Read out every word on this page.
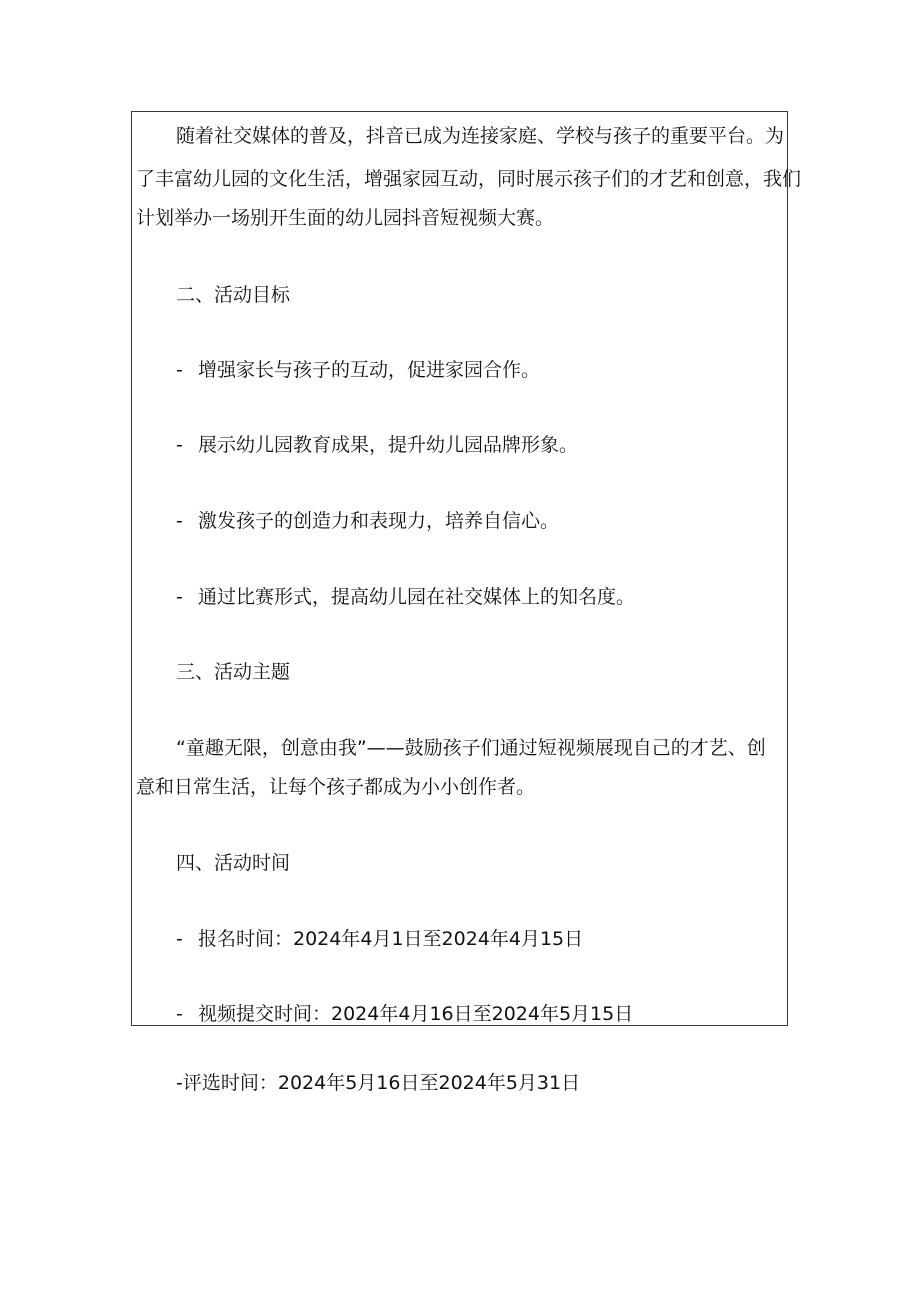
随着社交媒体的普及，抖音已成为连接家庭、学校与孩子的重要平台。为
了丰富幼儿园的文化生活，增强家园互动，同时展示孩子们的才艺和创意，我们
计划举办一场别开生面的幼儿园抖音短视频大赛。
二、活动目标
- 增强家长与孩子的互动，促进家园合作。
- 展示幼儿园教育成果，提升幼儿园品牌形象。
- 激发孩子的创造力和表现力，培养自信心。
- 通过比赛形式，提高幼儿园在社交媒体上的知名度。
三、活动主题
“童趣无限，创意由我”——鼓励孩子们通过短视频展现自己的才艺、创
意和日常生活，让每个孩子都成为小小创作者。
四、活动时间
- 报名时间：2024年4月1日至2024年4月15日
- 视频提交时间：2024年4月16日至2024年5月15日
-评选时间：2024年5月16日至2024年5月31日
